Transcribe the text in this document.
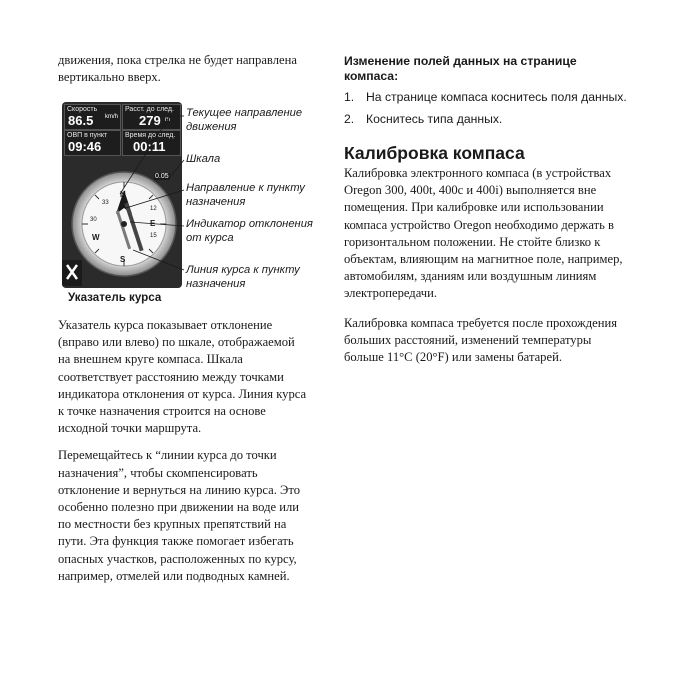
движения, пока стрелка не будет направлена вертикально вверх.

Скорость
86.5 km/h
Расст. до след.
279 m
ОВП в пункт
09:46
Время до след.
00:11
0.05
N
E
W
S
30
33
12
15
Текущее направление
движения
Шкала
Направление к пункту
назначения
Индикатор отклонения
от курса
Линия курса к пункту
назначения
Указатель курса

Указатель курса показывает отклонение (вправо или влево) по шкале, отображаемой на внешнем круге компаса. Шкала соответствует расстоянию между точками индикатора отклонения от курса. Линия курса к точке назначения строится на основе исходной точки маршрута.

Перемещайтесь к “линии курса до точки назначения”, чтобы скомпенсировать отклонение и вернуться на линию курса. Это особенно полезно при движении на воде или по местности без крупных препятствий на пути. Эта функция также помогает избегать опасных участков, расположенных по курсу, например, отмелей или подводных камней.

Изменение полей данных на странице компаса:

1. На странице компаса коснитесь поля данных.

2. Коснитесь типа данных.

Калибровка компаса

Калибровка электронного компаса (в устройствах Oregon 300, 400t, 400c и 400i) выполняется вне помещения. При калибровке или использовании компаса устройство Oregon необходимо держать в горизонтальном положении. Не стойте близко к объектам, влияющим на магнитное поле, например, автомобилям, зданиям или воздушным линиям электропередачи.

Калибровка компаса требуется после прохождения больших расстояний, изменений температуры больше 11°C (20°F) или замены батарей.
